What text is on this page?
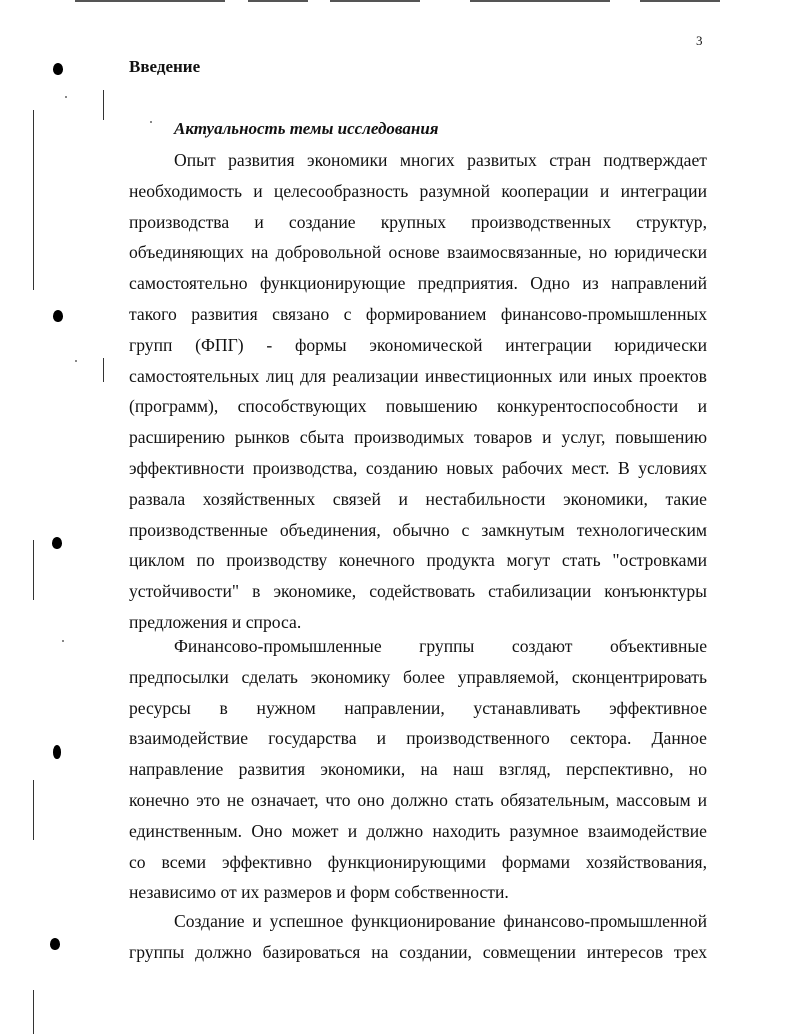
3
Введение
Актуальность темы исследования
Опыт развития экономики многих развитых стран подтверждает
необходимость и целесообразность разумной кооперации и интеграции
производства и создание крупных производственных структур,
объединяющих на добровольной основе взаимосвязанные, но юридически
самостоятельно функционирующие предприятия. Одно из направлений
такого развития связано с формированием финансово-промышленных
групп (ФПГ) - формы экономической интеграции юридически
самостоятельных лиц для реализации инвестиционных или иных проектов
(программ), способствующих повышению конкурентоспособности и
расширению рынков сбыта производимых товаров и услуг, повышению
эффективности производства, созданию новых рабочих мест. В условиях
развала хозяйственных связей и нестабильности экономики, такие
производственные объединения, обычно с замкнутым технологическим
циклом по производству конечного продукта могут стать "островками
устойчивости" в экономике, содействовать стабилизации конъюнктуры
предложения и спроса.
Финансово-промышленные группы создают объективные
предпосылки сделать экономику более управляемой, сконцентрировать
ресурсы в нужном направлении, устанавливать эффективное
взаимодействие государства и производственного сектора. Данное
направление развития экономики, на наш взгляд, перспективно, но
конечно это не означает, что оно должно стать обязательным, массовым и
единственным. Оно может и должно находить разумное взаимодействие
со всеми эффективно функционирующими формами хозяйствования,
независимо от их размеров и форм собственности.
Создание и успешное функционирование финансово-промышленной
группы должно базироваться на создании, совмещении интересов трех
